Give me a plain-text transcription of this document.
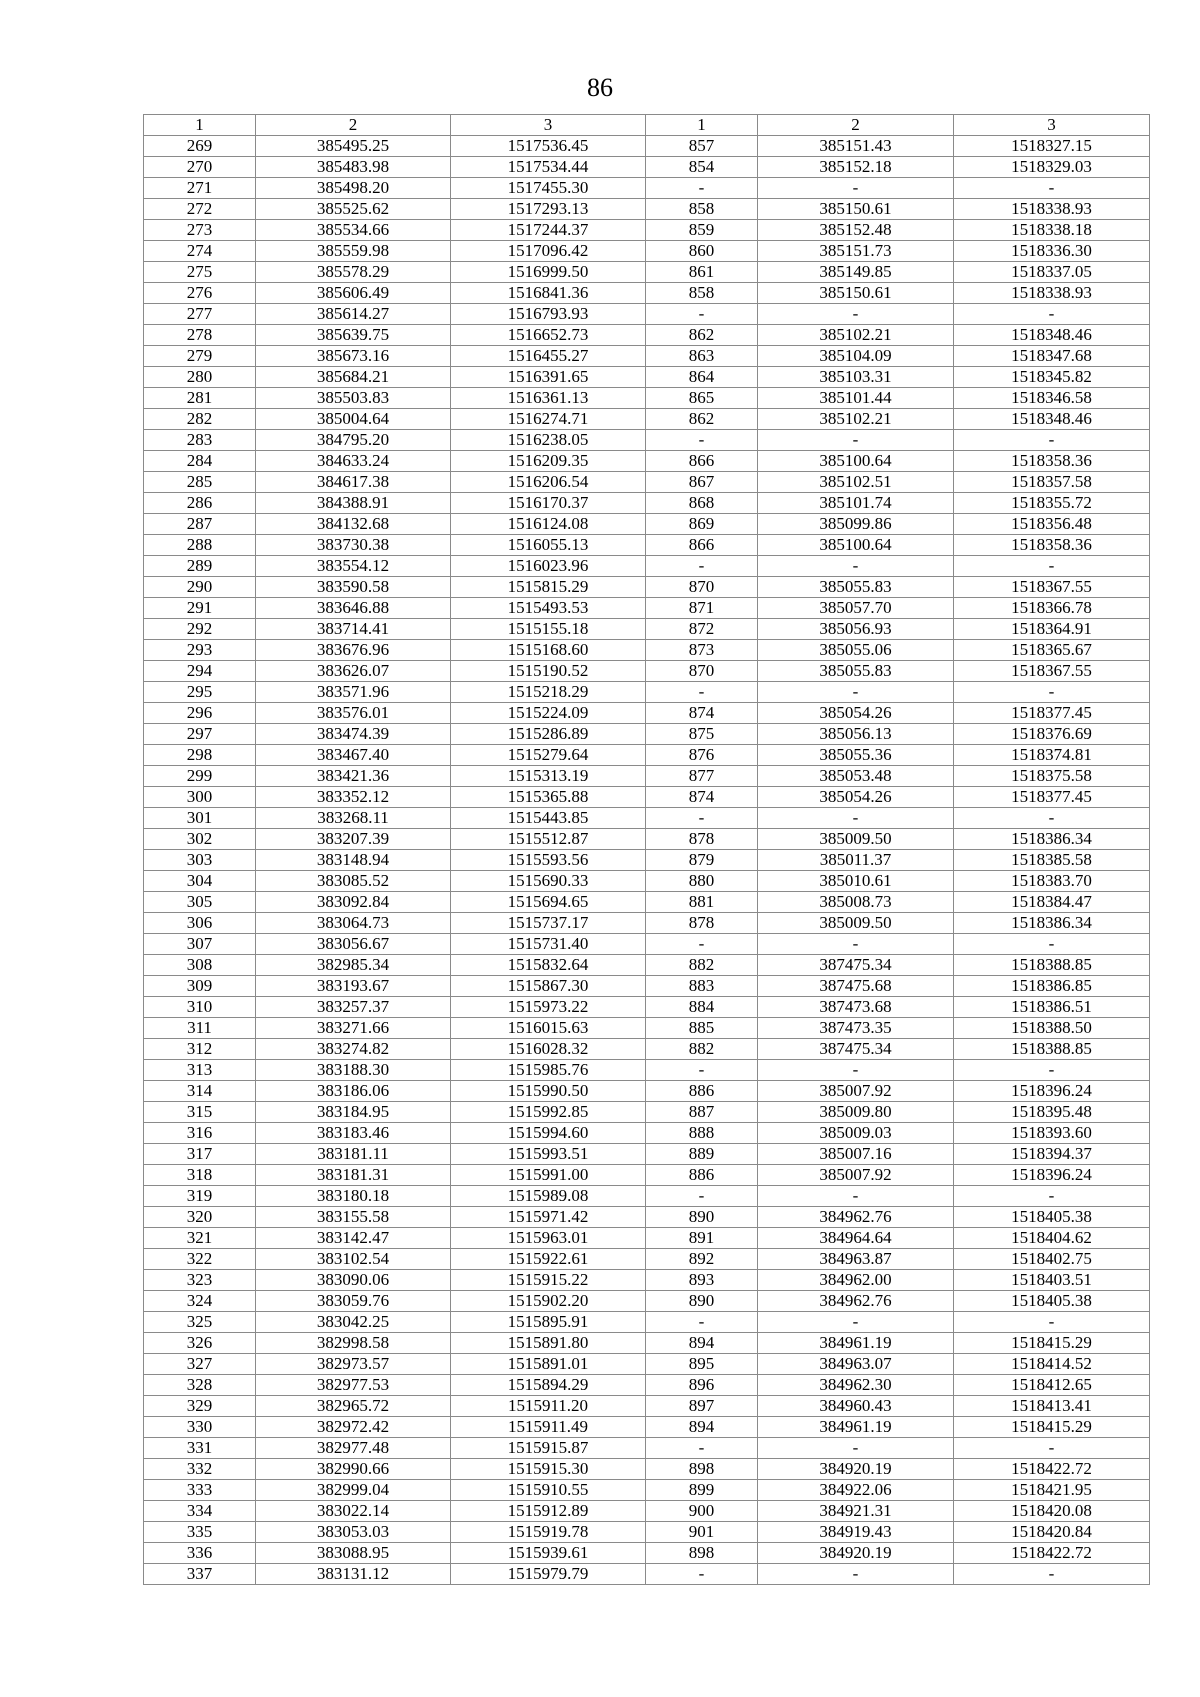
86
1	2	3	1	2	3
269	385495.25	1517536.45	857	385151.43	1518327.15
270	385483.98	1517534.44	854	385152.18	1518329.03
271	385498.20	1517455.30	-	-	-
272	385525.62	1517293.13	858	385150.61	1518338.93
273	385534.66	1517244.37	859	385152.48	1518338.18
274	385559.98	1517096.42	860	385151.73	1518336.30
275	385578.29	1516999.50	861	385149.85	1518337.05
276	385606.49	1516841.36	858	385150.61	1518338.93
277	385614.27	1516793.93	-	-	-
278	385639.75	1516652.73	862	385102.21	1518348.46
279	385673.16	1516455.27	863	385104.09	1518347.68
280	385684.21	1516391.65	864	385103.31	1518345.82
281	385503.83	1516361.13	865	385101.44	1518346.58
282	385004.64	1516274.71	862	385102.21	1518348.46
283	384795.20	1516238.05	-	-	-
284	384633.24	1516209.35	866	385100.64	1518358.36
285	384617.38	1516206.54	867	385102.51	1518357.58
286	384388.91	1516170.37	868	385101.74	1518355.72
287	384132.68	1516124.08	869	385099.86	1518356.48
288	383730.38	1516055.13	866	385100.64	1518358.36
289	383554.12	1516023.96	-	-	-
290	383590.58	1515815.29	870	385055.83	1518367.55
291	383646.88	1515493.53	871	385057.70	1518366.78
292	383714.41	1515155.18	872	385056.93	1518364.91
293	383676.96	1515168.60	873	385055.06	1518365.67
294	383626.07	1515190.52	870	385055.83	1518367.55
295	383571.96	1515218.29	-	-	-
296	383576.01	1515224.09	874	385054.26	1518377.45
297	383474.39	1515286.89	875	385056.13	1518376.69
298	383467.40	1515279.64	876	385055.36	1518374.81
299	383421.36	1515313.19	877	385053.48	1518375.58
300	383352.12	1515365.88	874	385054.26	1518377.45
301	383268.11	1515443.85	-	-	-
302	383207.39	1515512.87	878	385009.50	1518386.34
303	383148.94	1515593.56	879	385011.37	1518385.58
304	383085.52	1515690.33	880	385010.61	1518383.70
305	383092.84	1515694.65	881	385008.73	1518384.47
306	383064.73	1515737.17	878	385009.50	1518386.34
307	383056.67	1515731.40	-	-	-
308	382985.34	1515832.64	882	387475.34	1518388.85
309	383193.67	1515867.30	883	387475.68	1518386.85
310	383257.37	1515973.22	884	387473.68	1518386.51
311	383271.66	1516015.63	885	387473.35	1518388.50
312	383274.82	1516028.32	882	387475.34	1518388.85
313	383188.30	1515985.76	-	-	-
314	383186.06	1515990.50	886	385007.92	1518396.24
315	383184.95	1515992.85	887	385009.80	1518395.48
316	383183.46	1515994.60	888	385009.03	1518393.60
317	383181.11	1515993.51	889	385007.16	1518394.37
318	383181.31	1515991.00	886	385007.92	1518396.24
319	383180.18	1515989.08	-	-	-
320	383155.58	1515971.42	890	384962.76	1518405.38
321	383142.47	1515963.01	891	384964.64	1518404.62
322	383102.54	1515922.61	892	384963.87	1518402.75
323	383090.06	1515915.22	893	384962.00	1518403.51
324	383059.76	1515902.20	890	384962.76	1518405.38
325	383042.25	1515895.91	-	-	-
326	382998.58	1515891.80	894	384961.19	1518415.29
327	382973.57	1515891.01	895	384963.07	1518414.52
328	382977.53	1515894.29	896	384962.30	1518412.65
329	382965.72	1515911.20	897	384960.43	1518413.41
330	382972.42	1515911.49	894	384961.19	1518415.29
331	382977.48	1515915.87	-	-	-
332	382990.66	1515915.30	898	384920.19	1518422.72
333	382999.04	1515910.55	899	384922.06	1518421.95
334	383022.14	1515912.89	900	384921.31	1518420.08
335	383053.03	1515919.78	901	384919.43	1518420.84
336	383088.95	1515939.61	898	384920.19	1518422.72
337	383131.12	1515979.79	-	-	-
